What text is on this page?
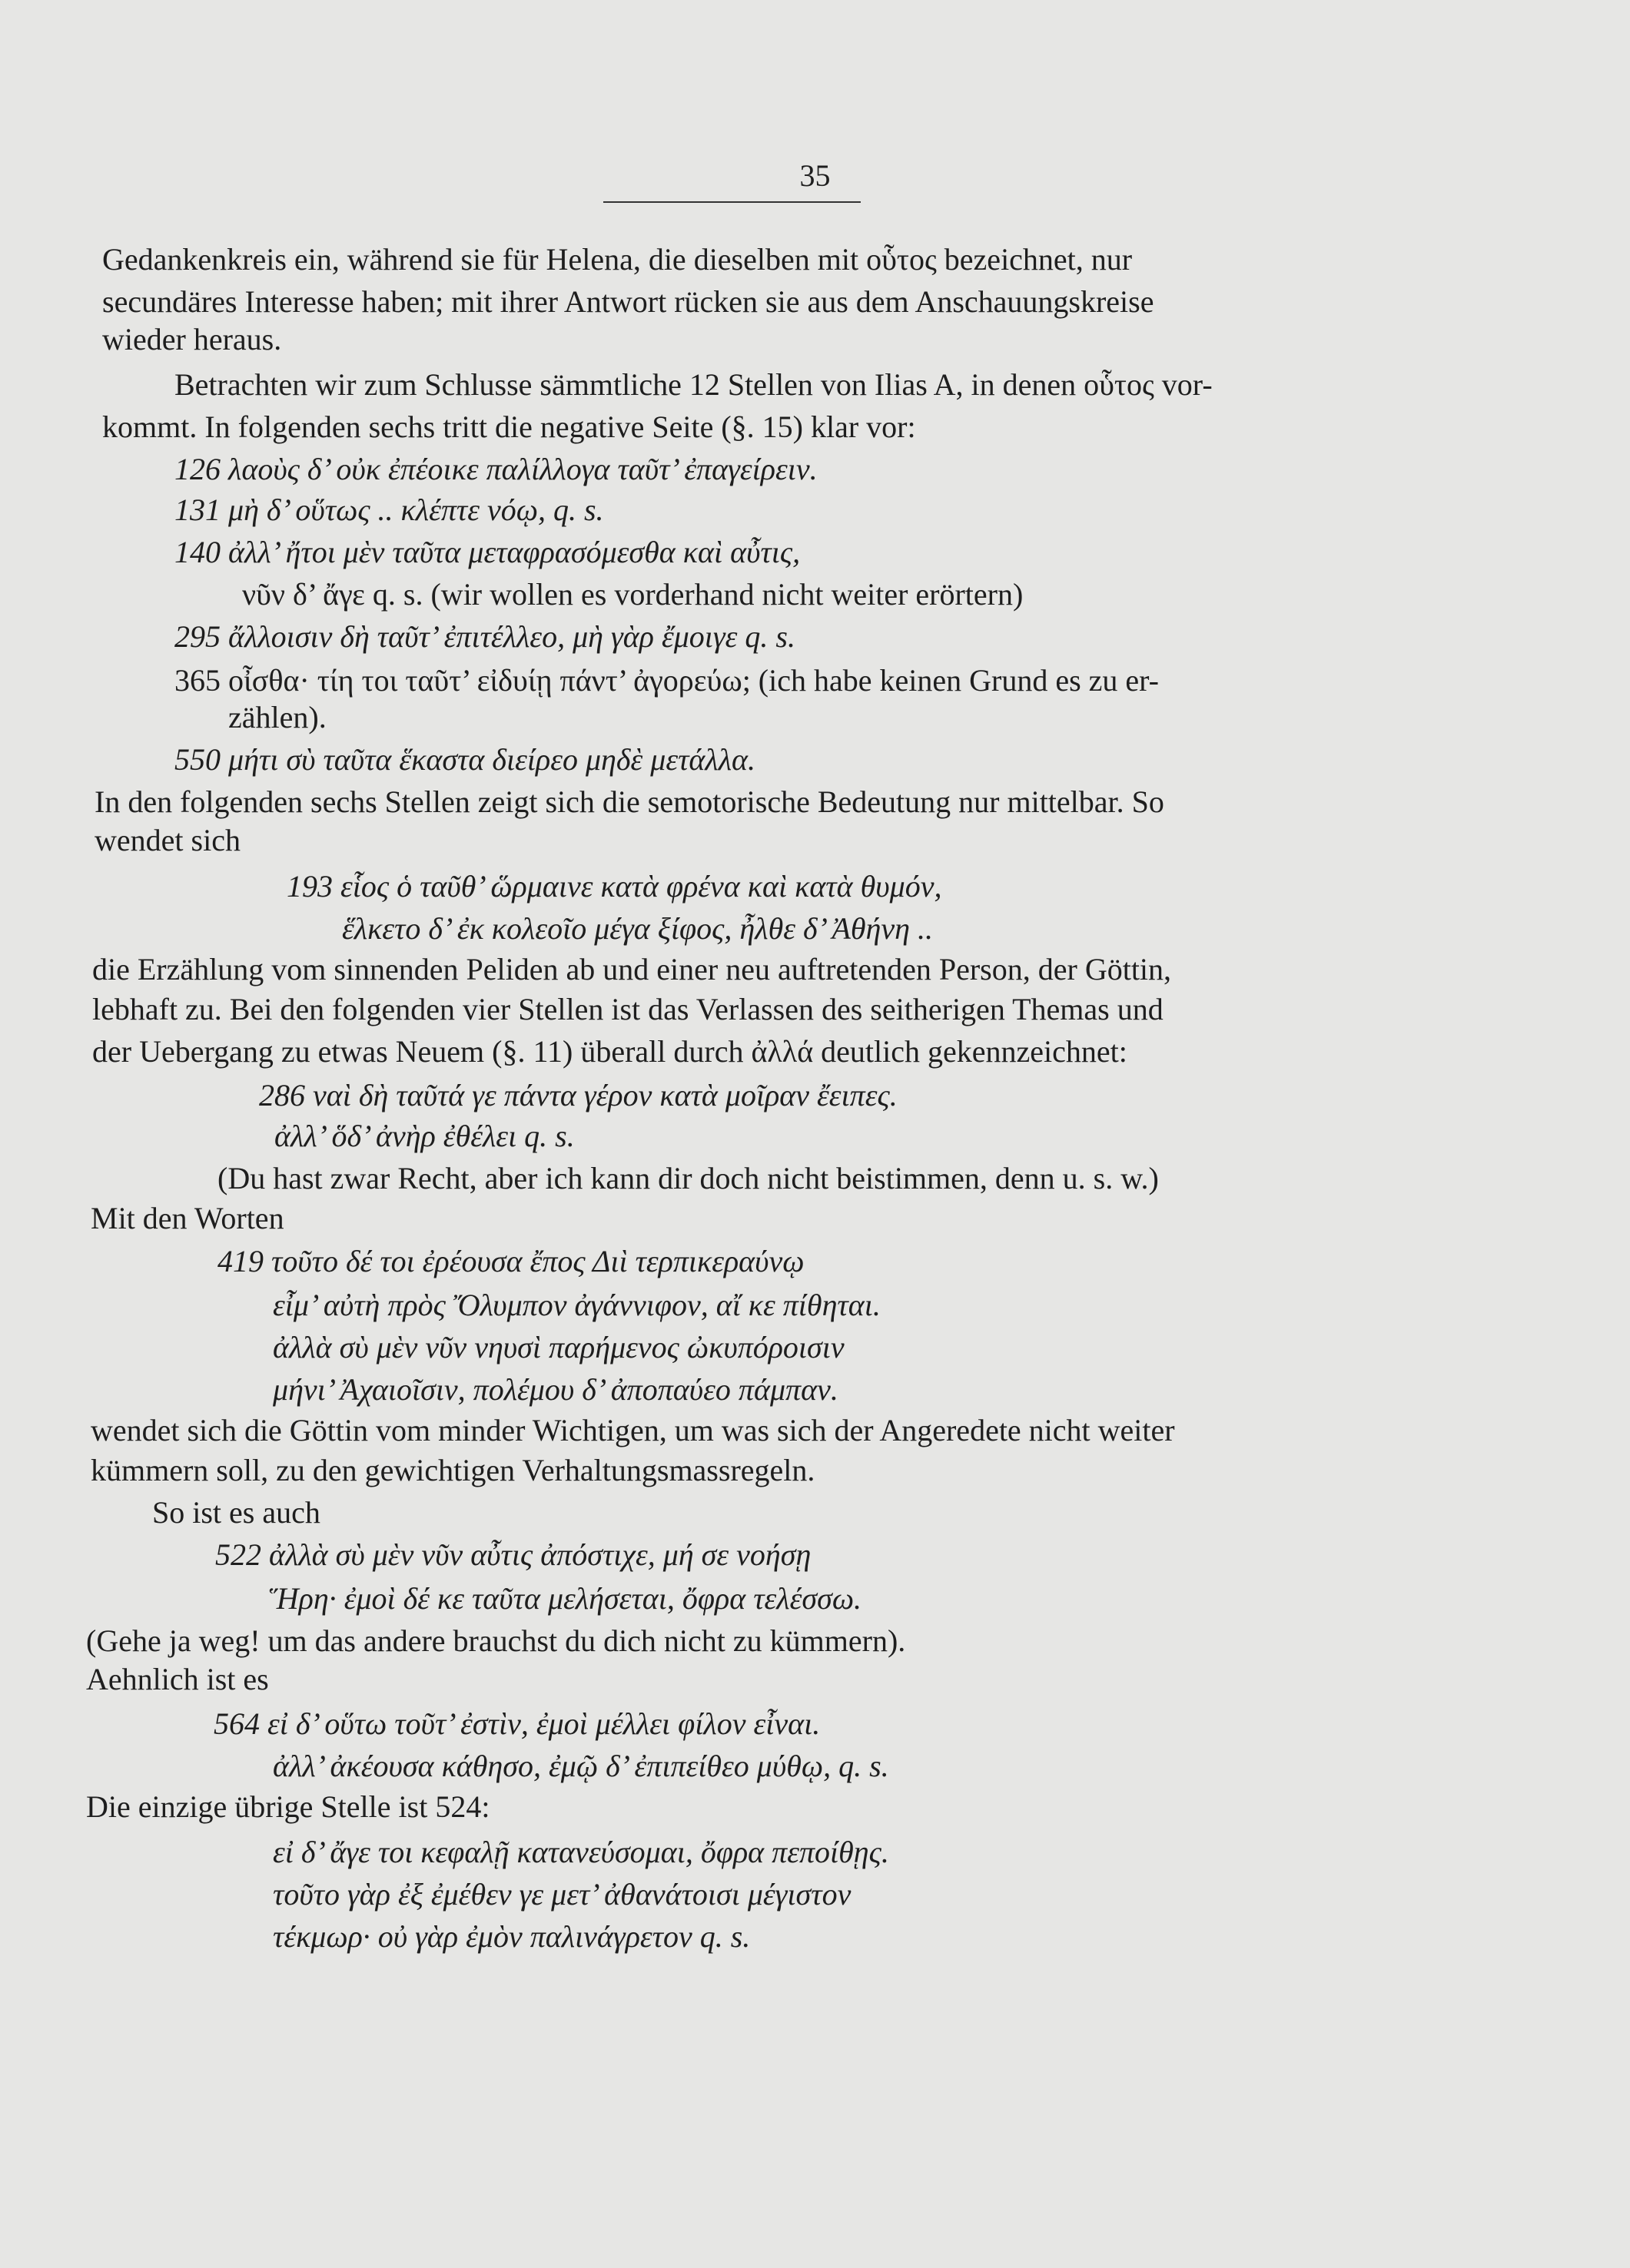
35
Gedankenkreis ein, während sie für Helena, die dieselben mit οὗτος bezeichnet, nur
secundäres Interesse haben; mit ihrer Antwort rücken sie aus dem Anschauungskreise
wieder heraus.
Betrachten wir zum Schlusse sämmtliche 12 Stellen von Ilias A, in denen οὗτος vor-
kommt. In folgenden sechs tritt die negative Seite (§. 15) klar vor:
126 λαοὺς δ’ οὐκ ἐπέοικε παλίλλογα ταῦτ’ ἐπαγείρειν.
131 μὴ δ’ οὕτως .. κλέπτε νόῳ, q. s.
140 ἀλλ’ ἤτοι μὲν ταῦτα μεταφρασόμεσθα καὶ αὖτις,
νῦν δ’ ἄγε q. s. (wir wollen es vorderhand nicht weiter erörtern)
295 ἄλλοισιν δὴ ταῦτ’ ἐπιτέλλεο, μὴ γὰρ ἔμοιγε q. s.
365 οἶσθα· τίη τοι ταῦτ’ εἰδυίῃ πάντ’ ἀγορεύω; (ich habe keinen Grund es zu er-
zählen).
550 μήτι σὺ ταῦτα ἕκαστα διείρεο μηδὲ μετάλλα.
In den folgenden sechs Stellen zeigt sich die semotorische Bedeutung nur mittelbar. So
wendet sich
193 εἷος ὁ ταῦθ’ ὥρμαινε κατὰ φρένα καὶ κατὰ θυμόν,
ἕλκετο δ’ ἐκ κολεοῖο μέγα ξίφος, ἦλθε δ’ Ἀθήνη ..
die Erzählung vom sinnenden Peliden ab und einer neu auftretenden Person, der Göttin,
lebhaft zu. Bei den folgenden vier Stellen ist das Verlassen des seitherigen Themas und
der Uebergang zu etwas Neuem (§. 11) überall durch ἀλλά deutlich gekennzeichnet:
286 ναὶ δὴ ταῦτά γε πάντα γέρον κατὰ μοῖραν ἔειπες.
ἀλλ’ ὅδ’ ἀνὴρ ἐθέλει q. s.
(Du hast zwar Recht, aber ich kann dir doch nicht beistimmen, denn u. s. w.)
Mit den Worten
419 τοῦτο δέ τοι ἐρέουσα ἔπος Διὶ τερπικεραύνῳ
εἶμ’ αὐτὴ πρὸς Ὄλυμπον ἀγάννιφον, αἴ κε πίθηται.
ἀλλὰ σὺ μὲν νῦν νηυσὶ παρήμενος ὠκυπόροισιν
μήνι’ Ἀχαιοῖσιν, πολέμου δ’ ἀποπαύεο πάμπαν.
wendet sich die Göttin vom minder Wichtigen, um was sich der Angeredete nicht weiter
kümmern soll, zu den gewichtigen Verhaltungsmassregeln.
So ist es auch
522 ἀλλὰ σὺ μὲν νῦν αὖτις ἀπόστιχε, μή σε νοήσῃ
Ἥρη· ἐμοὶ δέ κε ταῦτα μελήσεται, ὄφρα τελέσσω.
(Gehe ja weg! um das andere brauchst du dich nicht zu kümmern).
Aehnlich ist es
564 εἰ δ’ οὕτω τοῦτ’ ἐστὶν, ἐμοὶ μέλλει φίλον εἶναι.
ἀλλ’ ἀκέουσα κάθησο, ἐμῷ δ’ ἐπιπείθεο μύθῳ, q. s.
Die einzige übrige Stelle ist 524:
εἰ δ’ ἄγε τοι κεφαλῇ κατανεύσομαι, ὄφρα πεποίθῃς.
τοῦτο γὰρ ἐξ ἐμέθεν γε μετ’ ἀθανάτοισι μέγιστον
τέκμωρ· οὐ γὰρ ἐμὸν παλινάγρετον q. s.
